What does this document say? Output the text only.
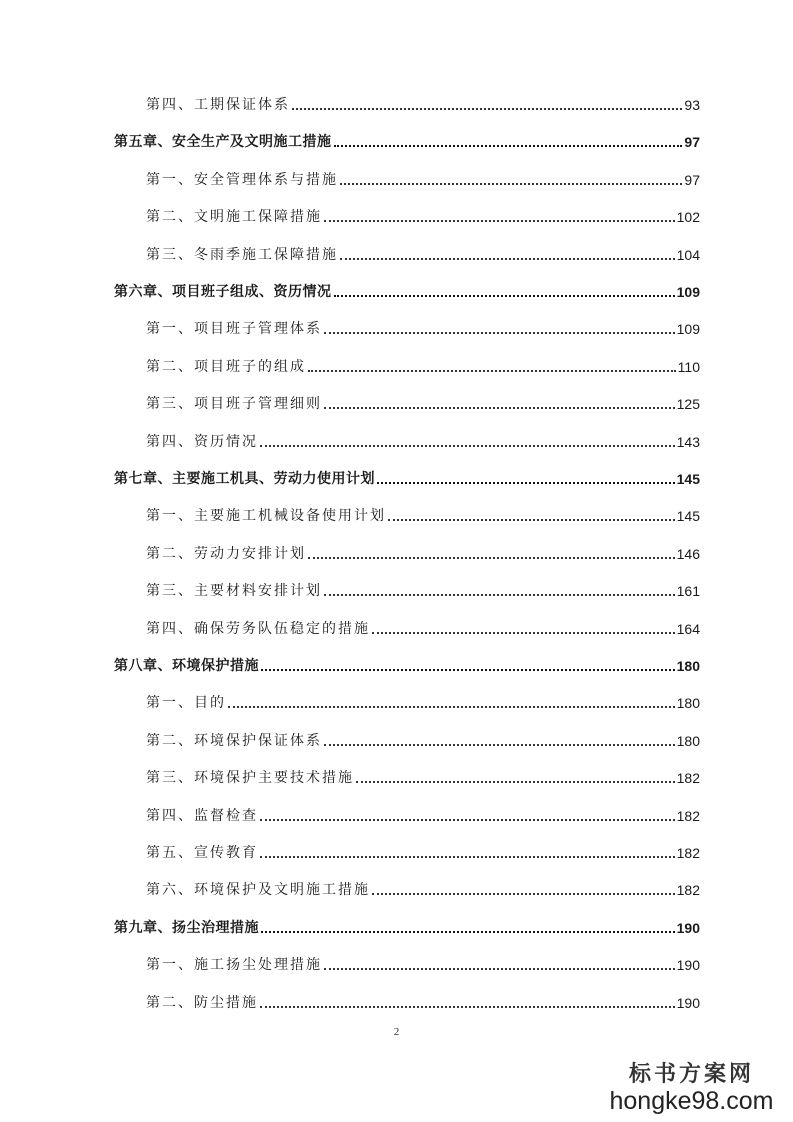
第四、工期保证体系	93
第五章、安全生产及文明施工措施	97
第一、安全管理体系与措施	97
第二、文明施工保障措施	102
第三、冬雨季施工保障措施	104
第六章、项目班子组成、资历情况	109
第一、项目班子管理体系	109
第二、项目班子的组成	110
第三、项目班子管理细则	125
第四、资历情况	143
第七章、主要施工机具、劳动力使用计划	145
第一、主要施工机械设备使用计划	145
第二、劳动力安排计划	146
第三、主要材料安排计划	161
第四、确保劳务队伍稳定的措施	164
第八章、环境保护措施	180
第一、目的	180
第二、环境保护保证体系	180
第三、环境保护主要技术措施	182
第四、监督检查	182
第五、宣传教育	182
第六、环境保护及文明施工措施	182
第九章、扬尘治理措施	190
第一、施工扬尘处理措施	190
第二、防尘措施	190
2
标书方案网
hongke98.com
